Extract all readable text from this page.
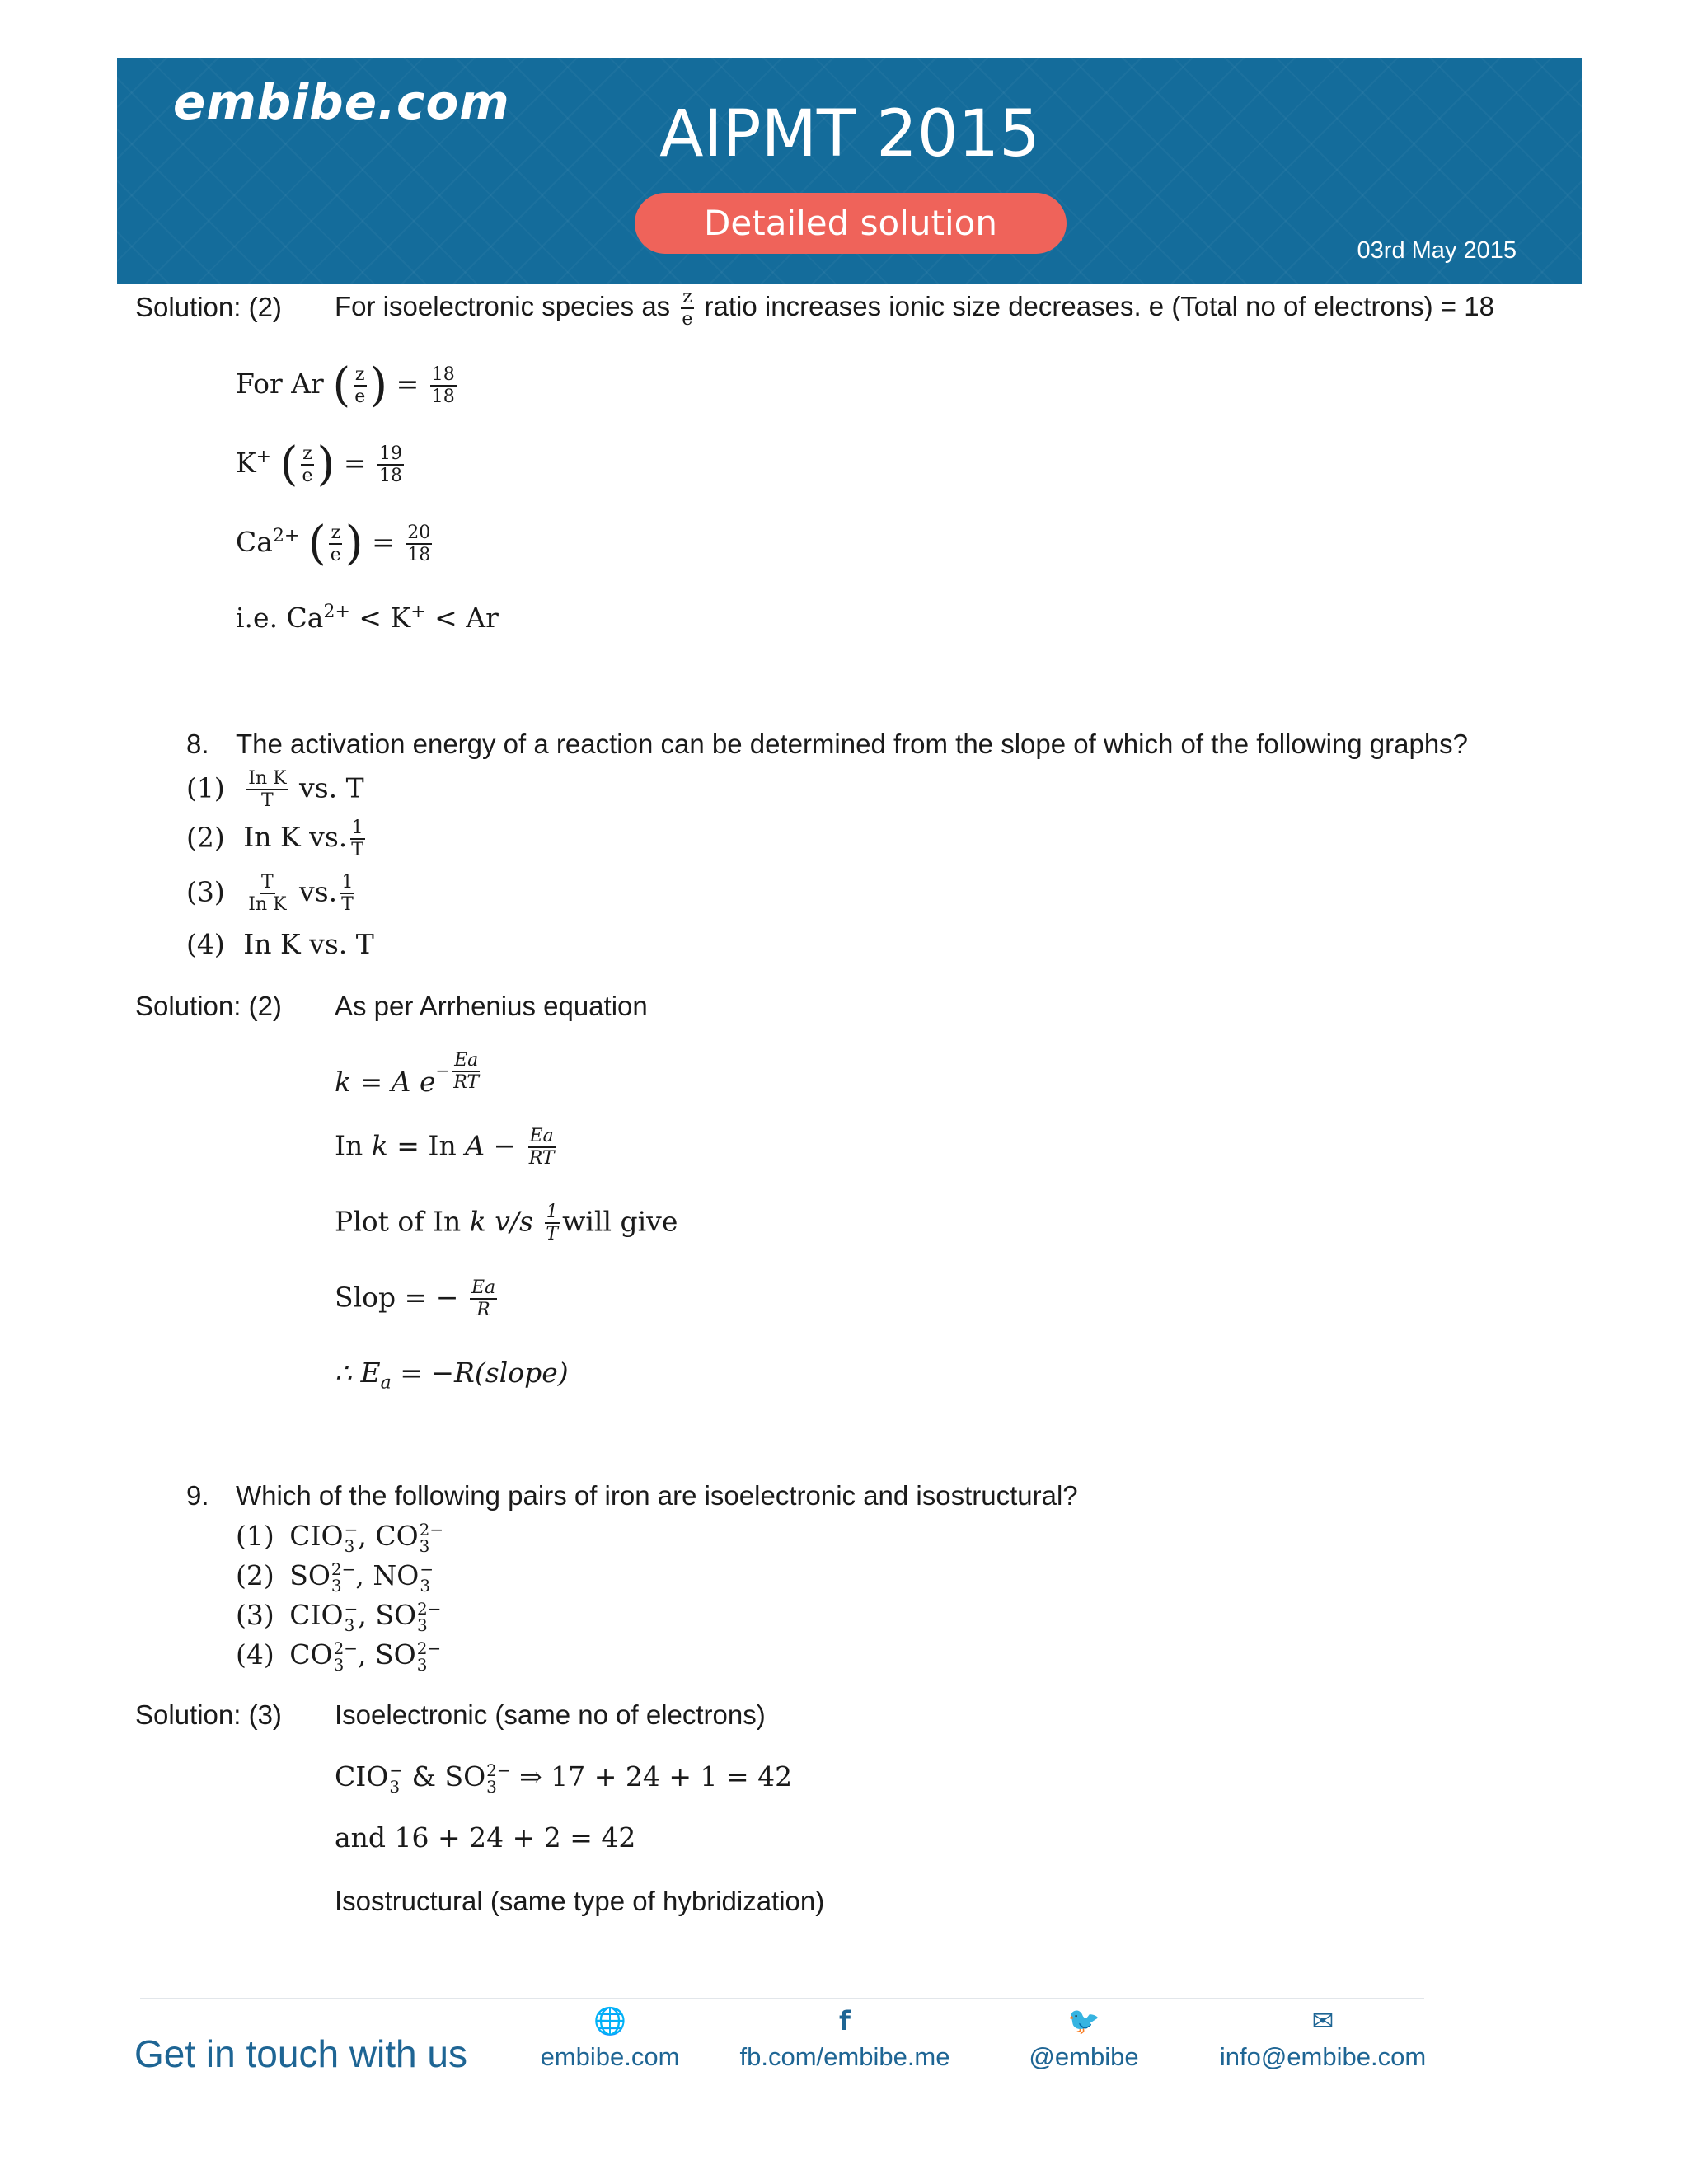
embibe.com	AIPMT 2015
Detailed solution
03rd May 2015
Solution: (2) For isoelectronic species as $\frac{z}{e}$ ratio increases ionic size decreases. e (Total no of electrons) = 18
For Ar ( $\frac{z}{e}$ ) = $\frac{18}{18}$
K+ ( $\frac{z}{e}$ ) = $\frac{19}{18}$
$Ca^{2+}$ ( $\frac{z}{e}$ ) = $\frac{20}{18}$
i.e. $Ca^{2+} < K^+ < Ar$
8. The activation energy of a reaction can be determined from the slope of which of the following graphs?
$(1) \frac{\text{In K}}{T}$ vs. T
(2) In K vs. $\frac{1}{T}$
$(3) \frac{T}{\text{In K}}$ vs. $\frac{1}{T}$
(4) In K vs. T
Solution: (2) As per Arrhenius equation
k = A $e^{- \frac{Ea}{RT}}$
In k = In $A - \frac{Ea}{RT}$
Plot of In k $v/s \frac{1}{T}$ will give
Slop = − $\frac{Ea}{R}$
∴ $E_a$ = −R(slope)
9. Which of the following pairs of iron are isoelectronic and isostructural?
(1) CIO −
3 , CO 2−
3
(2) SO 2−
3 , NO −
3
(3) CIO −
3 , SO 2−
3
(4) CO 2−
3 , SO 2−
3
Solution: (3) Isoelectronic (same no of electrons)
CIO −
3 & SO 2−
3 ⇒ 17 + 24 + 1 = 42
and 16 + 24 + 2 = 42
Isostructural (same type of hybridization)
Get in touch with us
🌐
embibe.com
f
fb.com/embibe.me
🐦
@embibe
✉
info@embibe.com
